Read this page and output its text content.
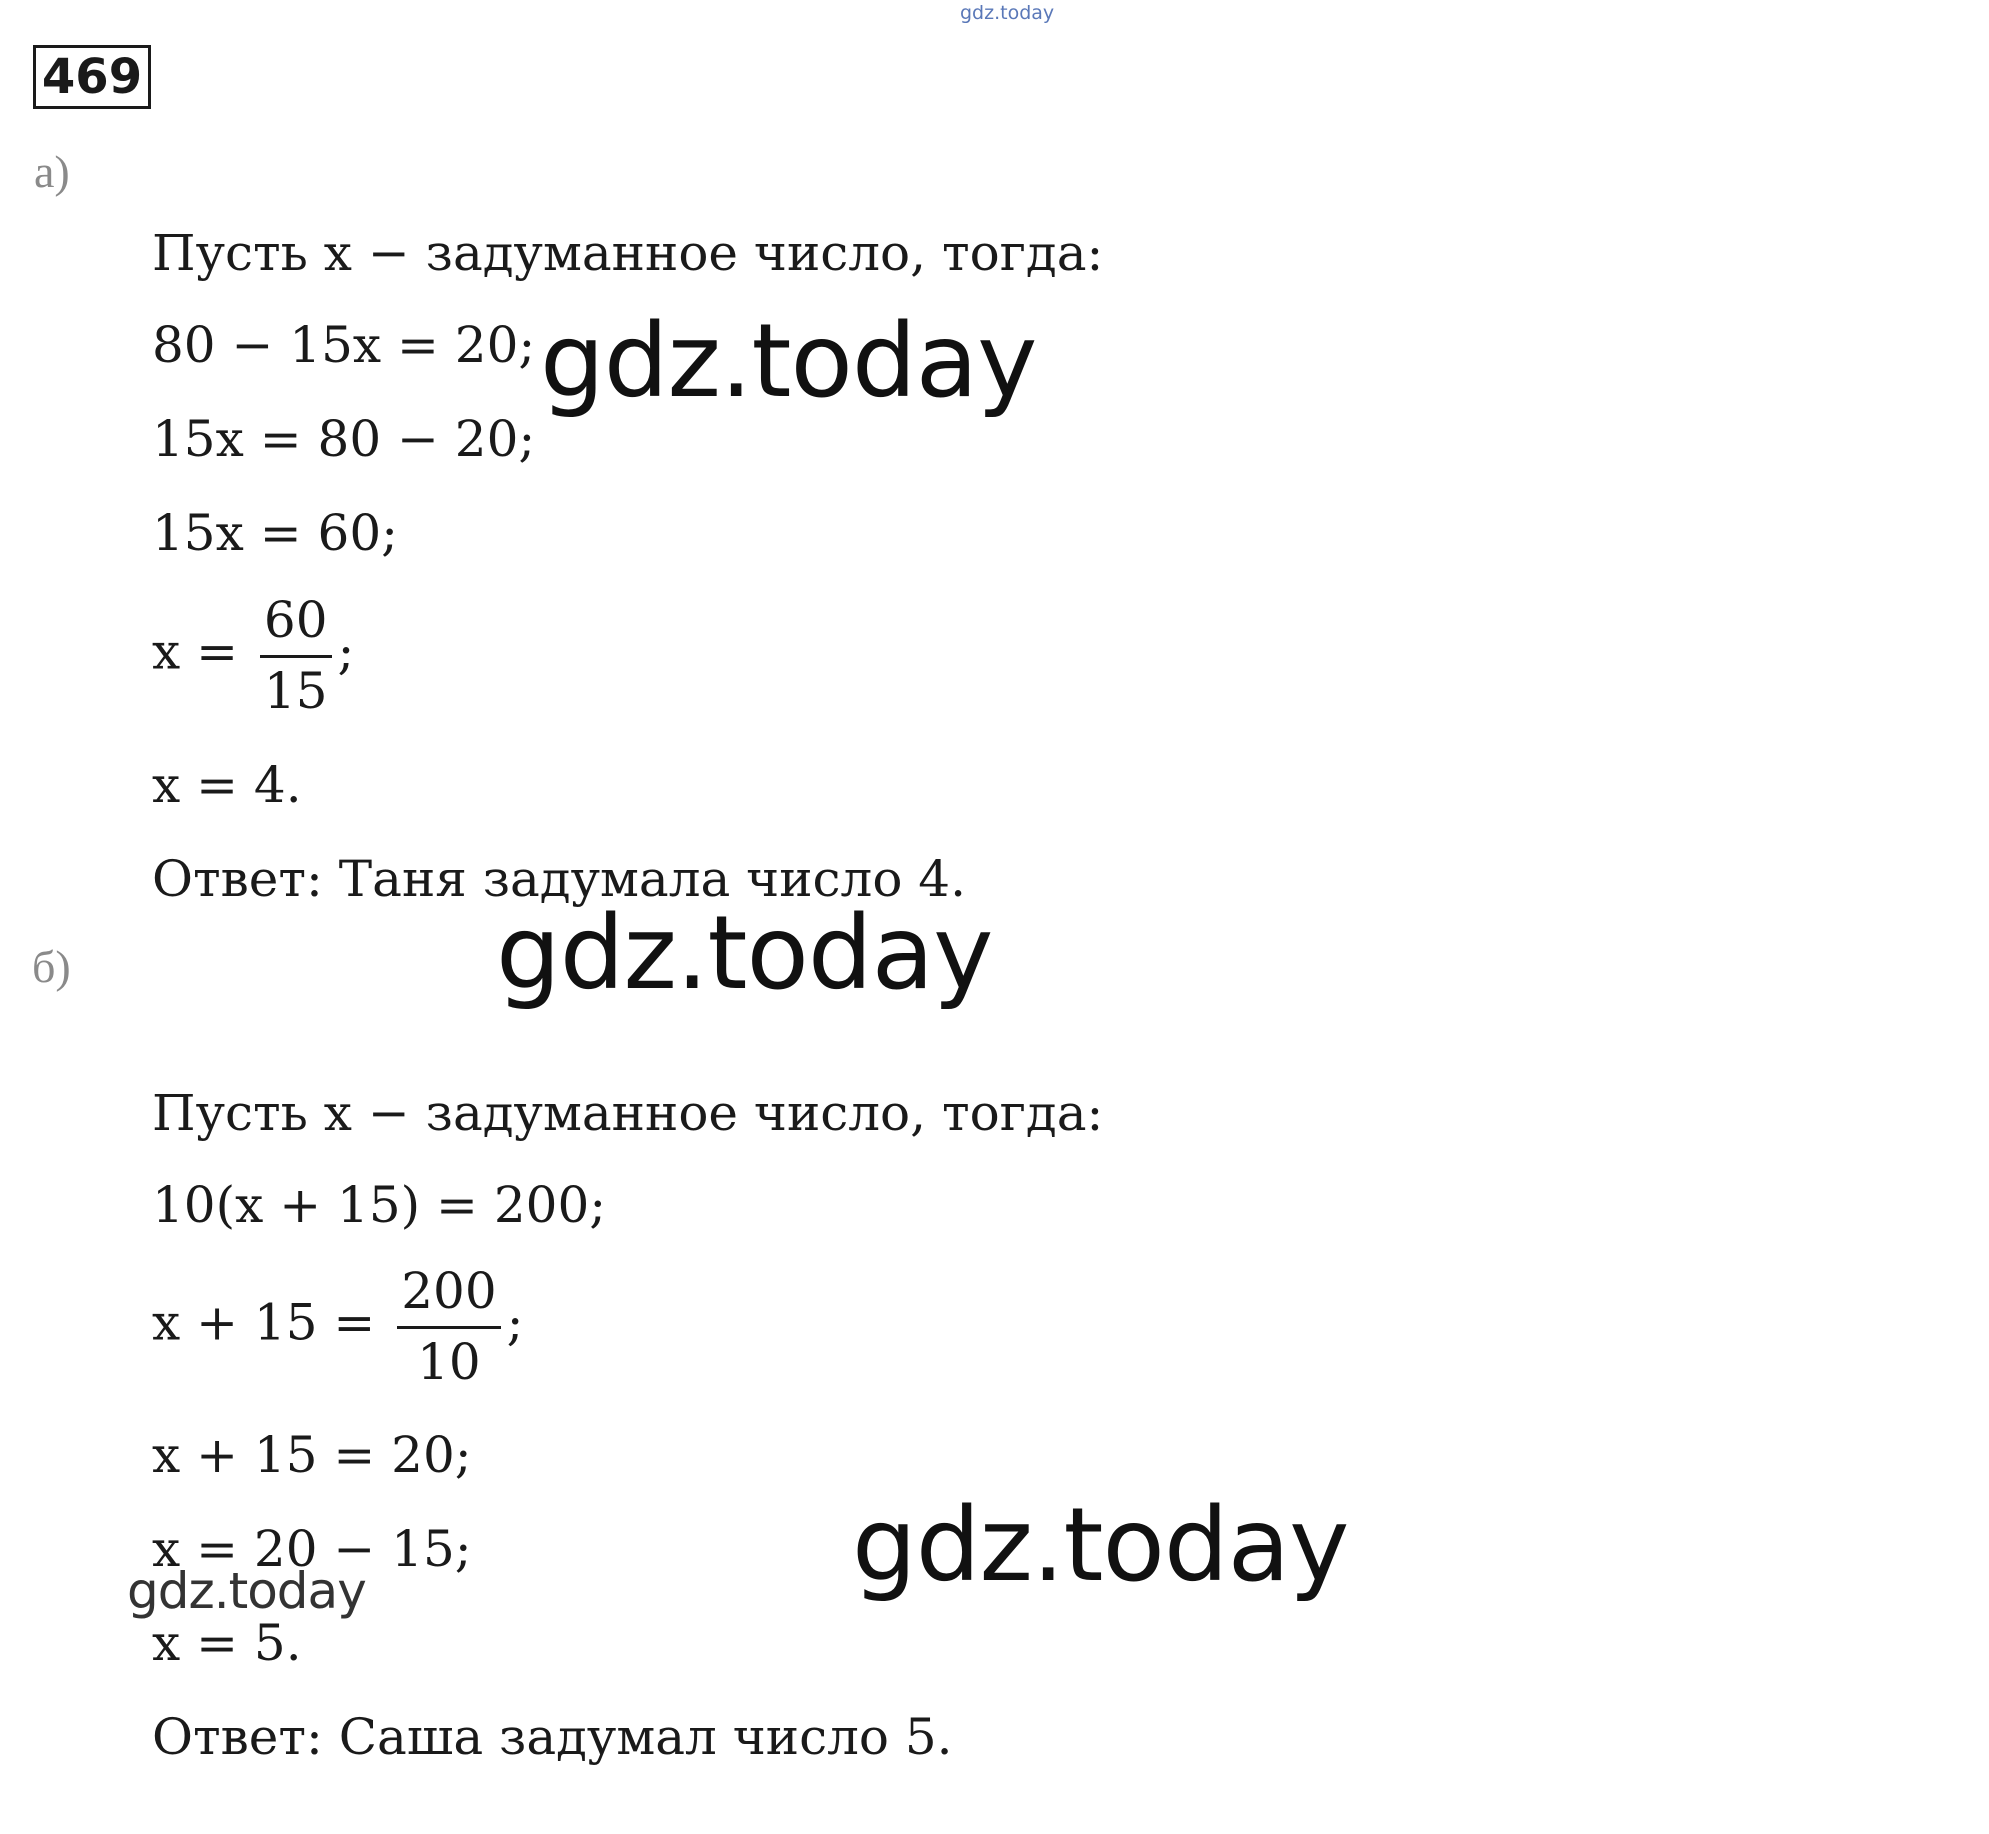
gdz.today
469
а)
Пусть x − задуманное число, тогда:
80 − 15x = 20;
15x = 80 − 20;
15x = 60;
$x = \frac{60}{15}$ ;
x = 4.
Ответ: Таня задумала число 4.
б)
Пусть x − задуманное число, тогда:
10(x + 15) = 200;
$x + 15 = \frac{200}{10}$ ;
x + 15 = 20;
x = 20 − 15;
x = 5.
Ответ: Саша задумал число 5.
gdz.today
gdz.today
gdz.today
gdz.today
